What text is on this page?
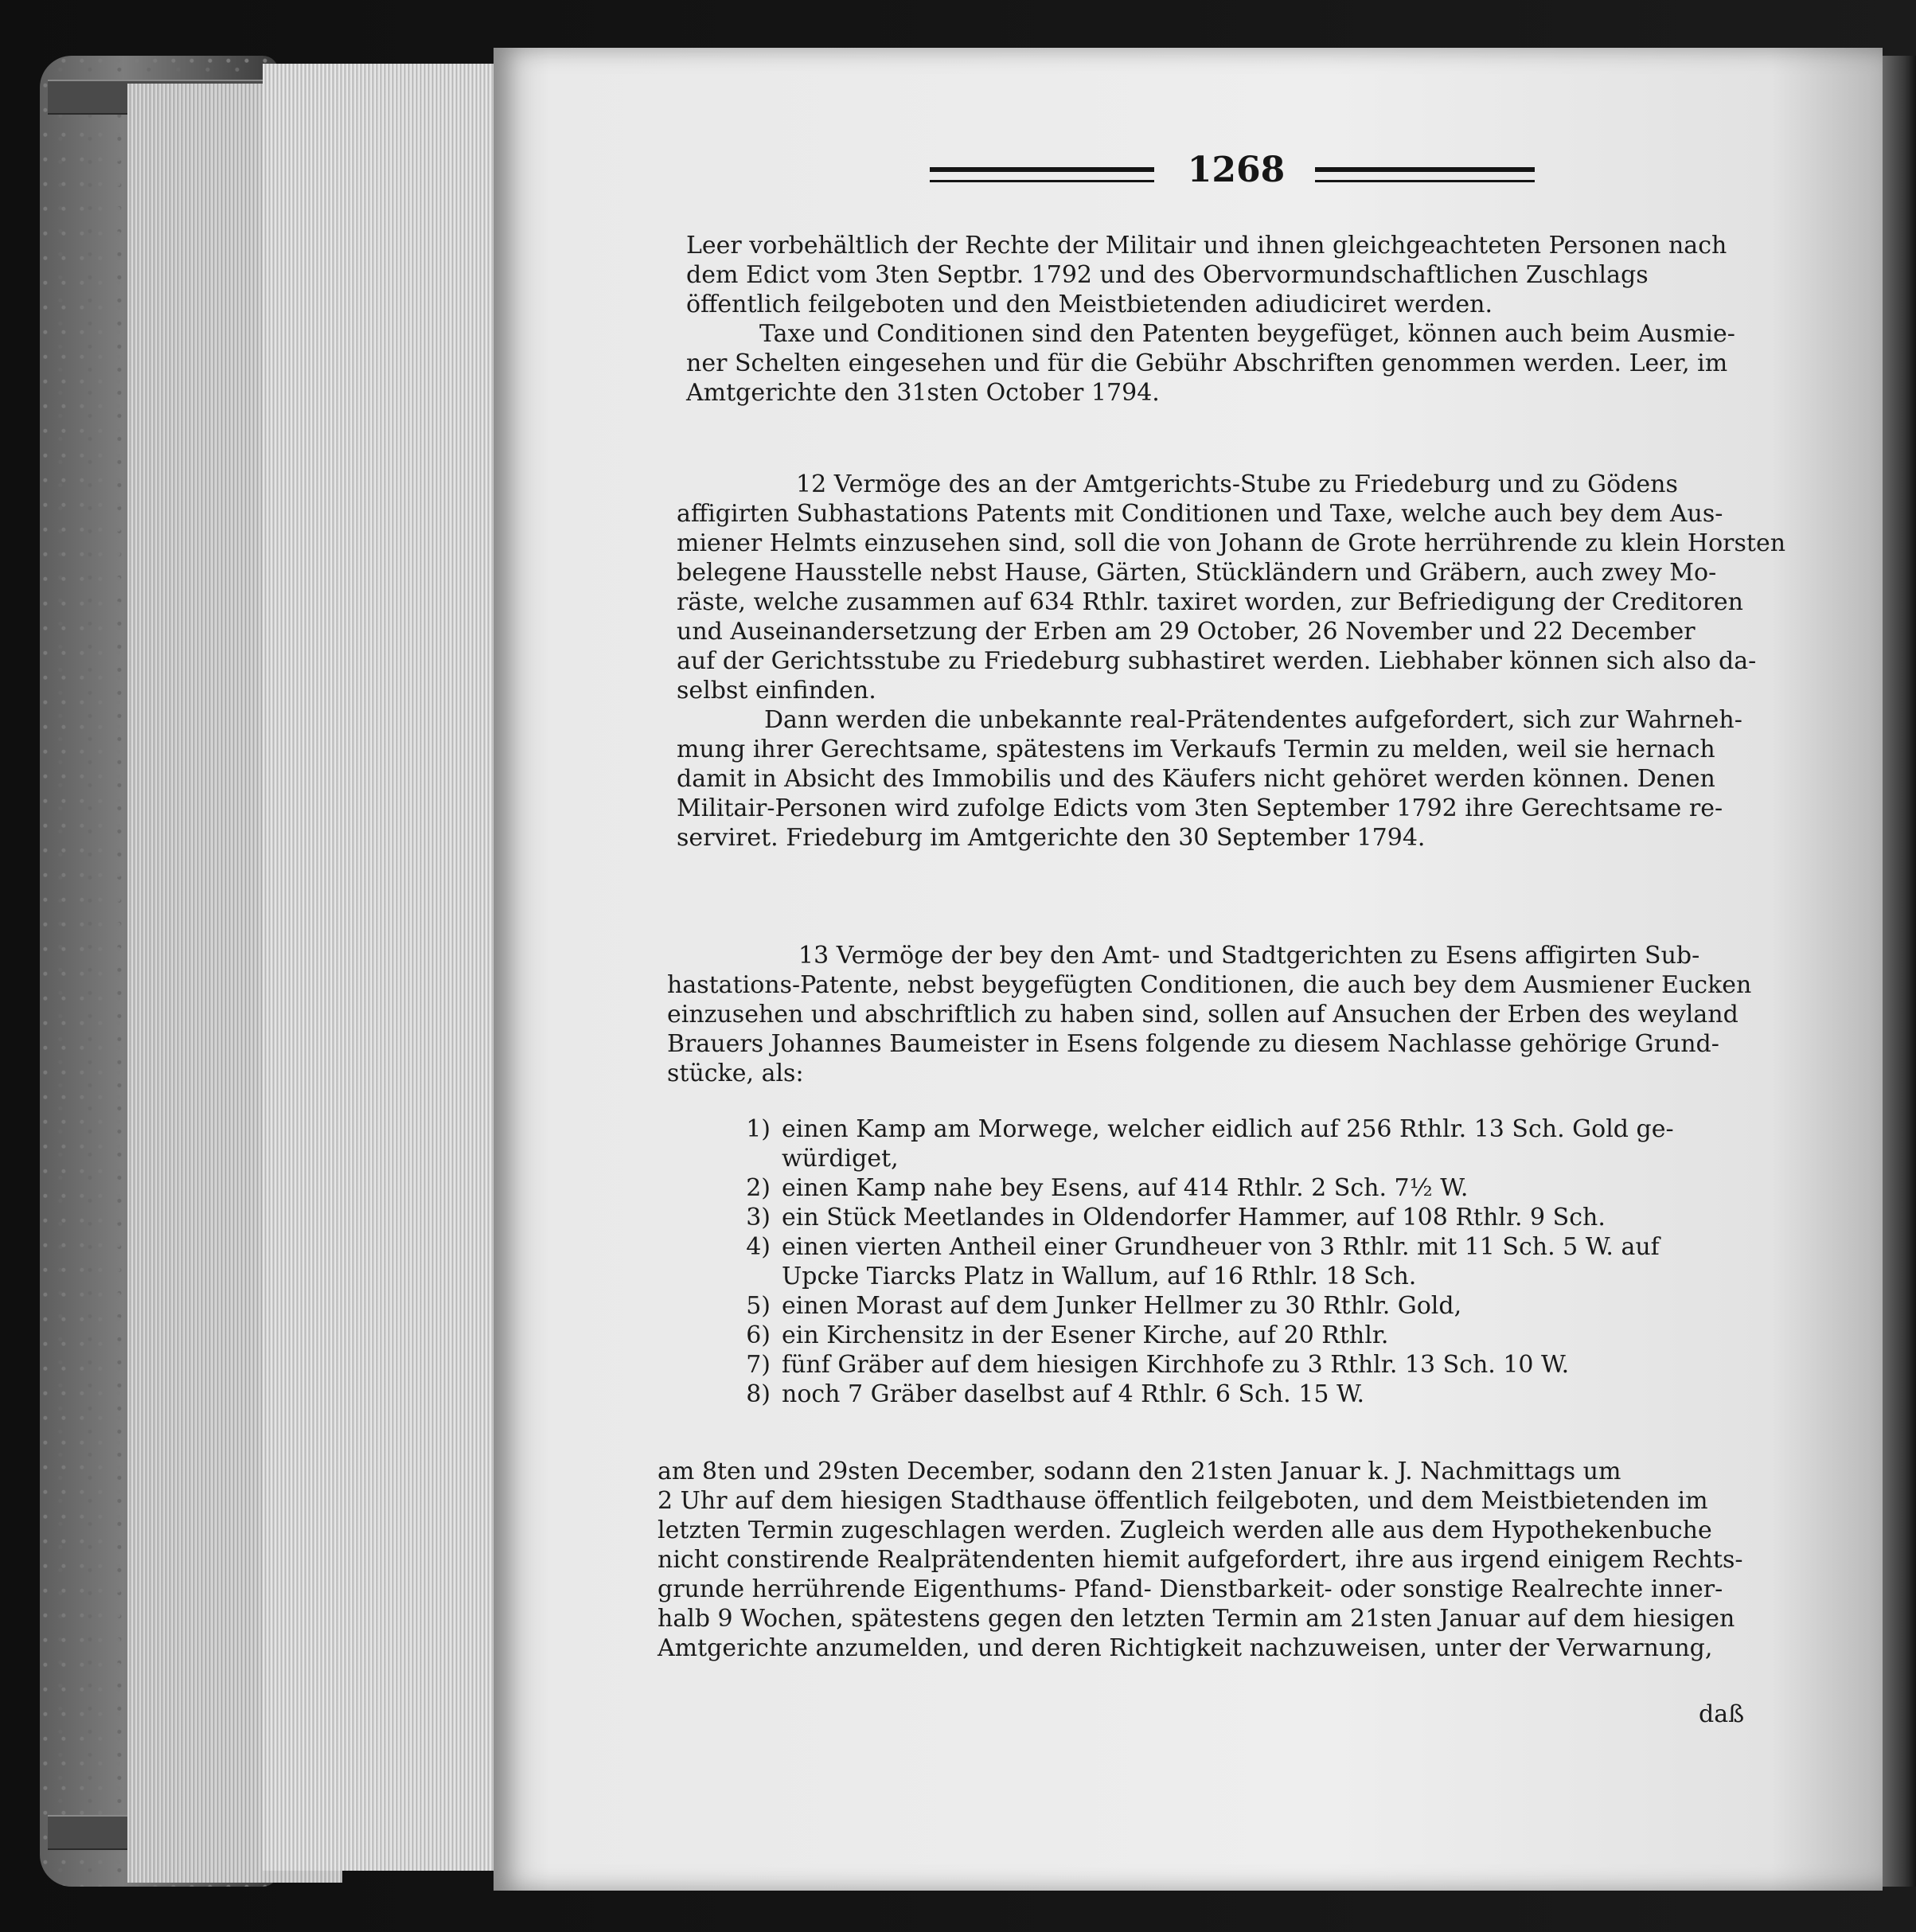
1268

Leer vorbehältlich der Rechte der Militair und ihnen gleichgeachteten Personen nach

dem Edict vom 3ten Septbr. 1792 und des Obervormundschaftlichen Zuschlags

öffentlich feilgeboten und den Meistbietenden adiudiciret werden.

Taxe und Conditionen sind den Patenten beygefüget, können auch beim Ausmie-

ner Schelten eingesehen und für die Gebühr Abschriften genommen werden. Leer, im

Amtgerichte den 31sten October 1794.

12 Vermöge des an der Amtgerichts-Stube zu Friedeburg und zu Gödens

affigirten Subhastations Patents mit Conditionen und Taxe, welche auch bey dem Aus-

miener Helmts einzusehen sind, soll die von Johann de Grote herrührende zu klein Horsten

belegene Hausstelle nebst Hause, Gärten, Stückländern und Gräbern, auch zwey Mo-

räste, welche zusammen auf 634 Rthlr. taxiret worden, zur Befriedigung der Creditoren

und Auseinandersetzung der Erben am 29 October, 26 November und 22 December

auf der Gerichtsstube zu Friedeburg subhastiret werden. Liebhaber können sich also da-

selbst einfinden.

Dann werden die unbekannte real-Prätendentes aufgefordert, sich zur Wahrneh-

mung ihrer Gerechtsame, spätestens im Verkaufs Termin zu melden, weil sie hernach

damit in Absicht des Immobilis und des Käufers nicht gehöret werden können. Denen

Militair-Personen wird zufolge Edicts vom 3ten September 1792 ihre Gerechtsame re-

serviret. Friedeburg im Amtgerichte den 30 September 1794.

13 Vermöge der bey den Amt- und Stadtgerichten zu Esens affigirten Sub-

hastations-Patente, nebst beygefügten Conditionen, die auch bey dem Ausmiener Eucken

einzusehen und abschriftlich zu haben sind, sollen auf Ansuchen der Erben des weyland

Brauers Johannes Baumeister in Esens folgende zu diesem Nachlasse gehörige Grund-

stücke, als:

1) einen Kamp am Morwege, welcher eidlich auf 256 Rthlr. 13 Sch. Gold ge-
würdiget,
2) einen Kamp nahe bey Esens, auf 414 Rthlr. 2 Sch. 7½ W.
3) ein Stück Meetlandes in Oldendorfer Hammer, auf 108 Rthlr. 9 Sch.
4) einen vierten Antheil einer Grundheuer von 3 Rthlr. mit 11 Sch. 5 W. auf
Upcke Tiarcks Platz in Wallum, auf 16 Rthlr. 18 Sch.
5) einen Morast auf dem Junker Hellmer zu 30 Rthlr. Gold,
6) ein Kirchensitz in der Esener Kirche, auf 20 Rthlr.
7) fünf Gräber auf dem hiesigen Kirchhofe zu 3 Rthlr. 13 Sch. 10 W.
8) noch 7 Gräber daselbst auf 4 Rthlr. 6 Sch. 15 W.

am 8ten und 29sten December, sodann den 21sten Januar k. J. Nachmittags um

2 Uhr auf dem hiesigen Stadthause öffentlich feilgeboten, und dem Meistbietenden im

letzten Termin zugeschlagen werden. Zugleich werden alle aus dem Hypothekenbuche

nicht constirende Realprätendenten hiemit aufgefordert, ihre aus irgend einigem Rechts-

grunde herrührende Eigenthums- Pfand- Dienstbarkeit- oder sonstige Realrechte inner-

halb 9 Wochen, spätestens gegen den letzten Termin am 21sten Januar auf dem hiesigen

Amtgerichte anzumelden, und deren Richtigkeit nachzuweisen, unter der Verwarnung,

daß
